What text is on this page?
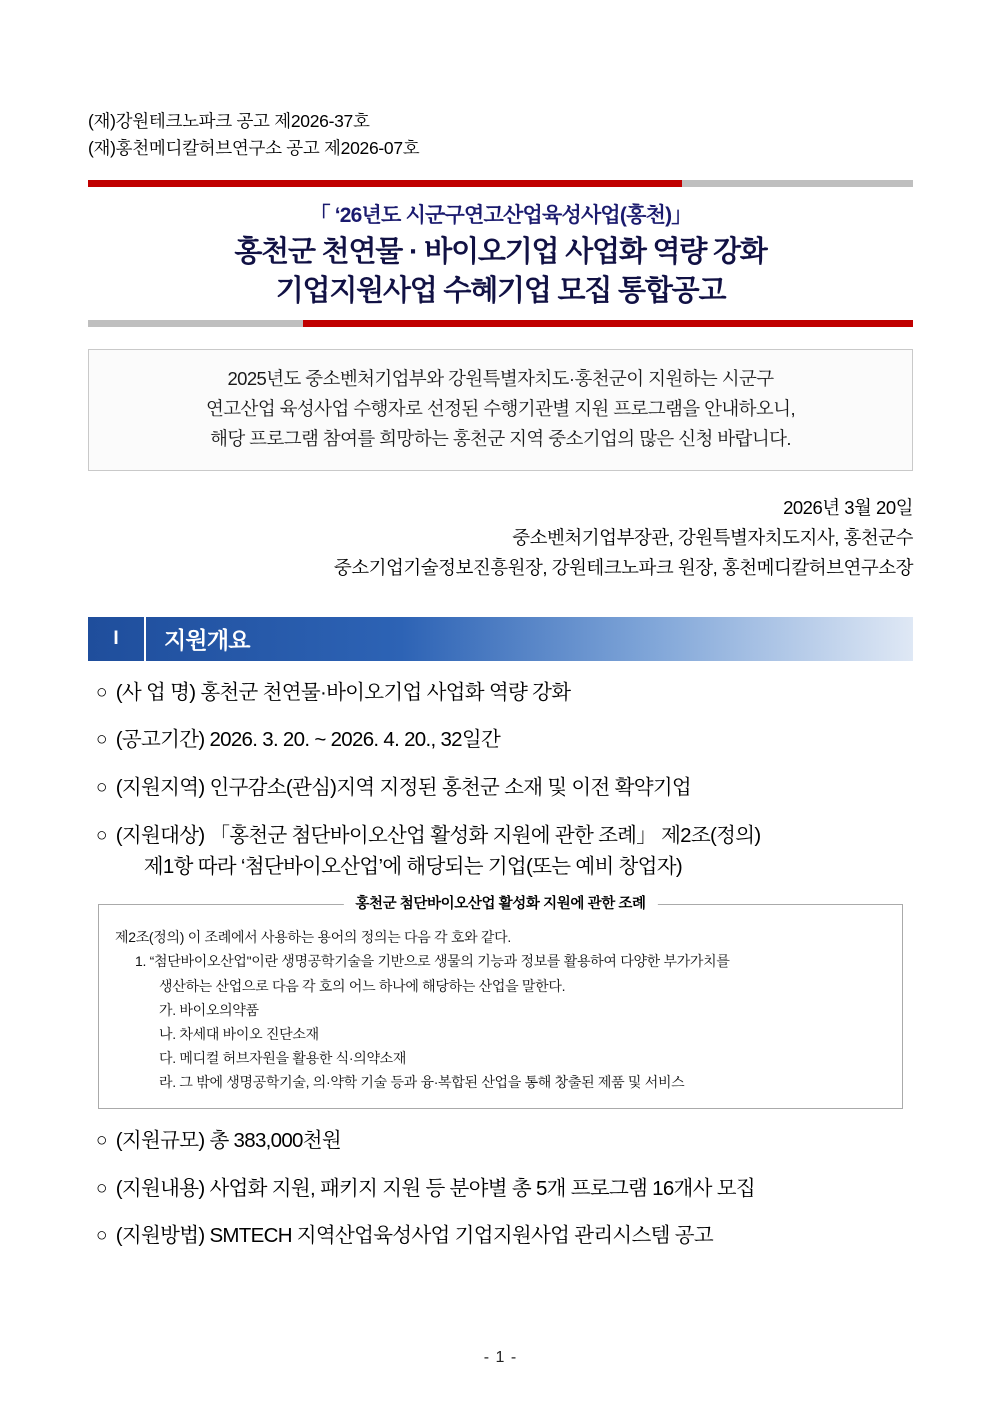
(재)강원테크노파크 공고 제2026-37호
(재)홍천메디칼허브연구소 공고 제2026-07호
「 ‘26년도 시군구연고산업육성사업(홍천)」
홍천군 천연물 · 바이오기업 사업화 역량 강화
기업지원사업 수혜기업 모집 통합공고
2025년도 중소벤처기업부와 강원특별자치도·홍천군이 지원하는 시군구
연고산업 육성사업 수행자로 선정된 수행기관별 지원 프로그램을 안내하오니,
해당 프로그램 참여를 희망하는 홍천군 지역 중소기업의 많은 신청 바랍니다.
2026년 3월 20일
중소벤처기업부장관, 강원특별자치도지사, 홍천군수
중소기업기술정보진흥원장, 강원테크노파크 원장, 홍천메디칼허브연구소장
I	지원개요
○ (사 업 명) 홍천군 천연물·바이오기업 사업화 역량 강화
○ (공고기간) 2026. 3. 20. ~ 2026. 4. 20., 32일간
○ (지원지역) 인구감소(관심)지역 지정된 홍천군 소재 및 이전 확약기업
○ (지원대상) 「홍천군 첨단바이오산업 활성화 지원에 관한 조례」 제2조(정의)
제1항 따라 ‘첨단바이오산업’에 해당되는 기업(또는 예비 창업자)
홍천군 첨단바이오산업 활성화 지원에 관한 조례
제2조(정의) 이 조례에서 사용하는 용어의 정의는 다음 각 호와 같다.
1. “첨단바이오산업"이란 생명공학기술을 기반으로 생물의 기능과 정보를 활용하여 다양한 부가가치를
생산하는 산업으로 다음 각 호의 어느 하나에 해당하는 산업을 말한다.
가. 바이오의약품
나. 차세대 바이오 진단소재
다. 메디컬 허브자원을 활용한 식·의약소재
라. 그 밖에 생명공학기술, 의·약학 기술 등과 융·복합된 산업을 통해 창출된 제품 및 서비스
○ (지원규모) 총 383,000천원
○ (지원내용) 사업화 지원, 패키지 지원 등 분야별 총 5개 프로그램 16개사 모집
○ (지원방법) SMTECH 지역산업육성사업 기업지원사업 관리시스템 공고
- 1 -
